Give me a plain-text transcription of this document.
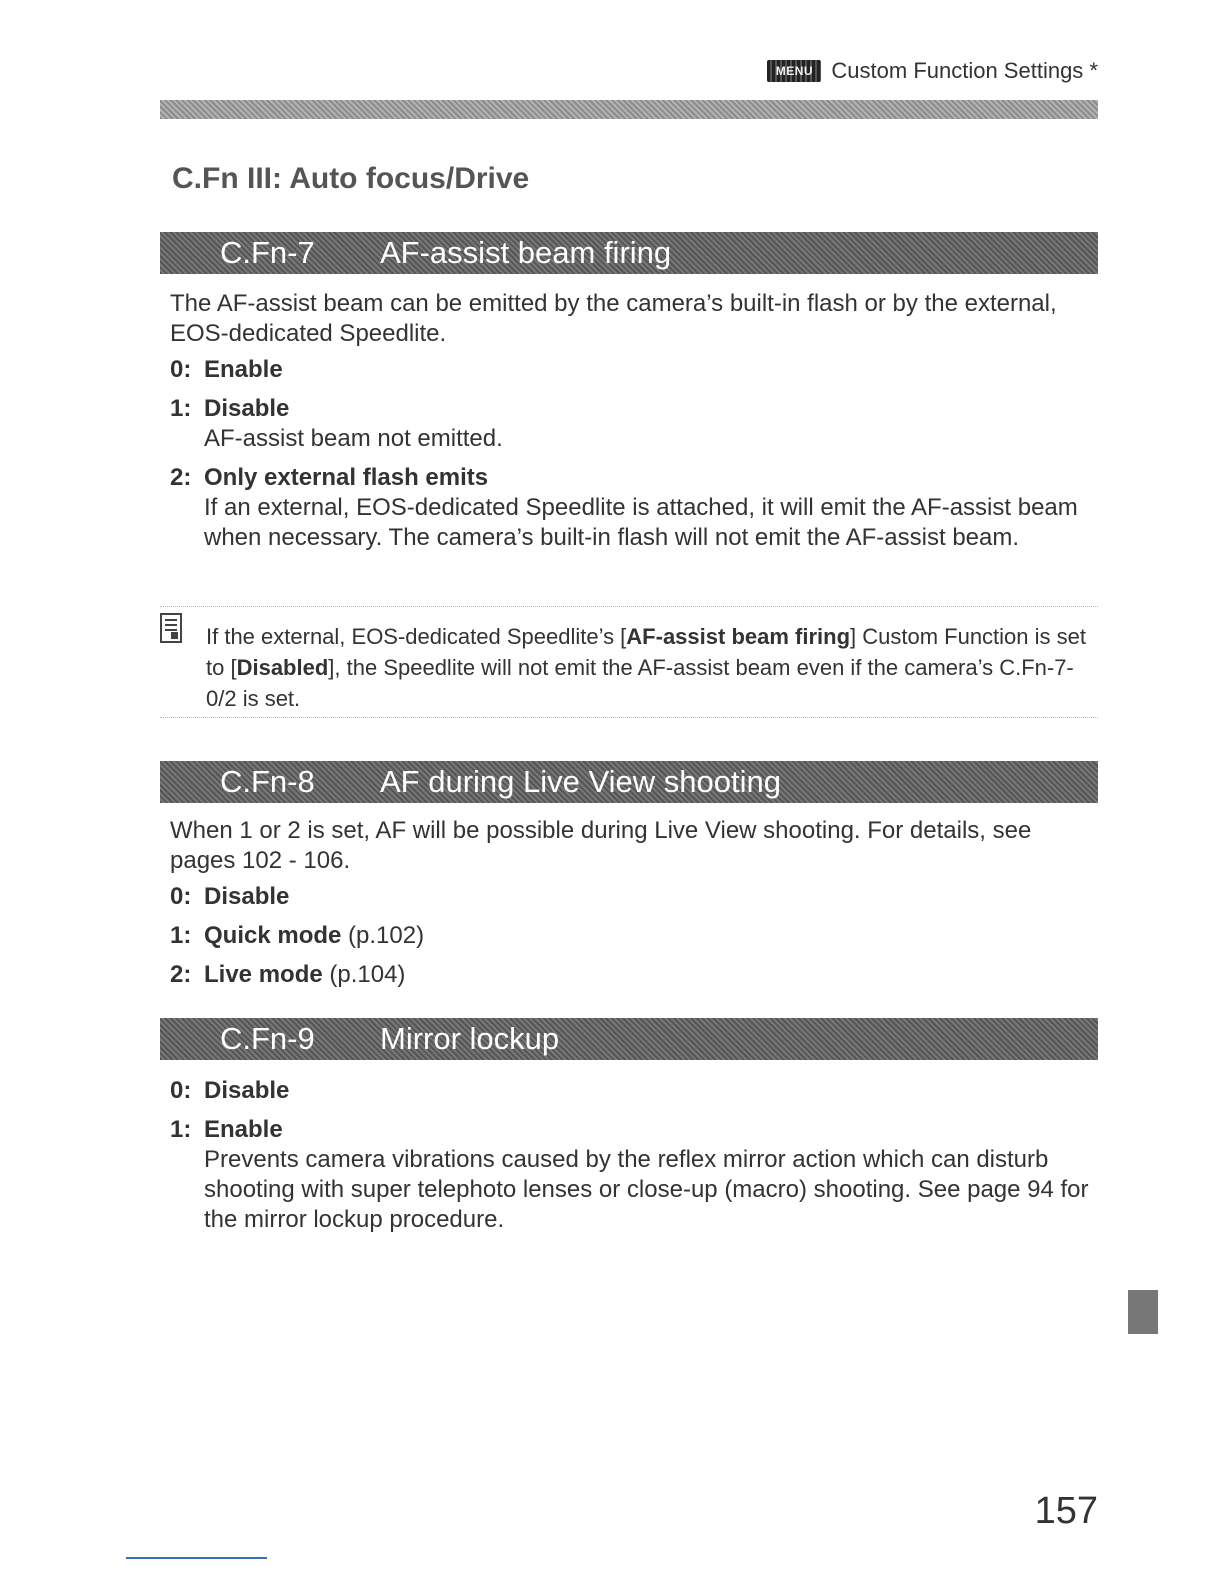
MENU Custom Function Settings *
C.Fn III: Auto focus/Drive
C.Fn-7 AF-assist beam firing

The AF-assist beam can be emitted by the camera’s built-in flash or by the external, EOS-dedicated Speedlite.

0: Enable

1: Disable

AF-assist beam not emitted.

2: Only external flash emits

If an external, EOS-dedicated Speedlite is attached, it will emit the AF-assist beam when necessary. The camera’s built-in flash will not emit the AF-assist beam.

If the external, EOS-dedicated Speedlite’s [AF-assist beam firing] Custom Function is set to [Disabled], the Speedlite will not emit the AF-assist beam even if the camera’s C.Fn-7-0/2 is set.

C.Fn-8 AF during Live View shooting

When 1 or 2 is set, AF will be possible during Live View shooting. For details, see pages 102 - 106.

0: Disable

1: Quick mode (p.102)

2: Live mode (p.104)

C.Fn-9 Mirror lockup

0: Disable

1: Enable

Prevents camera vibrations caused by the reflex mirror action which can disturb shooting with super telephoto lenses or close-up (macro) shooting. See page 94 for the mirror lockup procedure.

157
